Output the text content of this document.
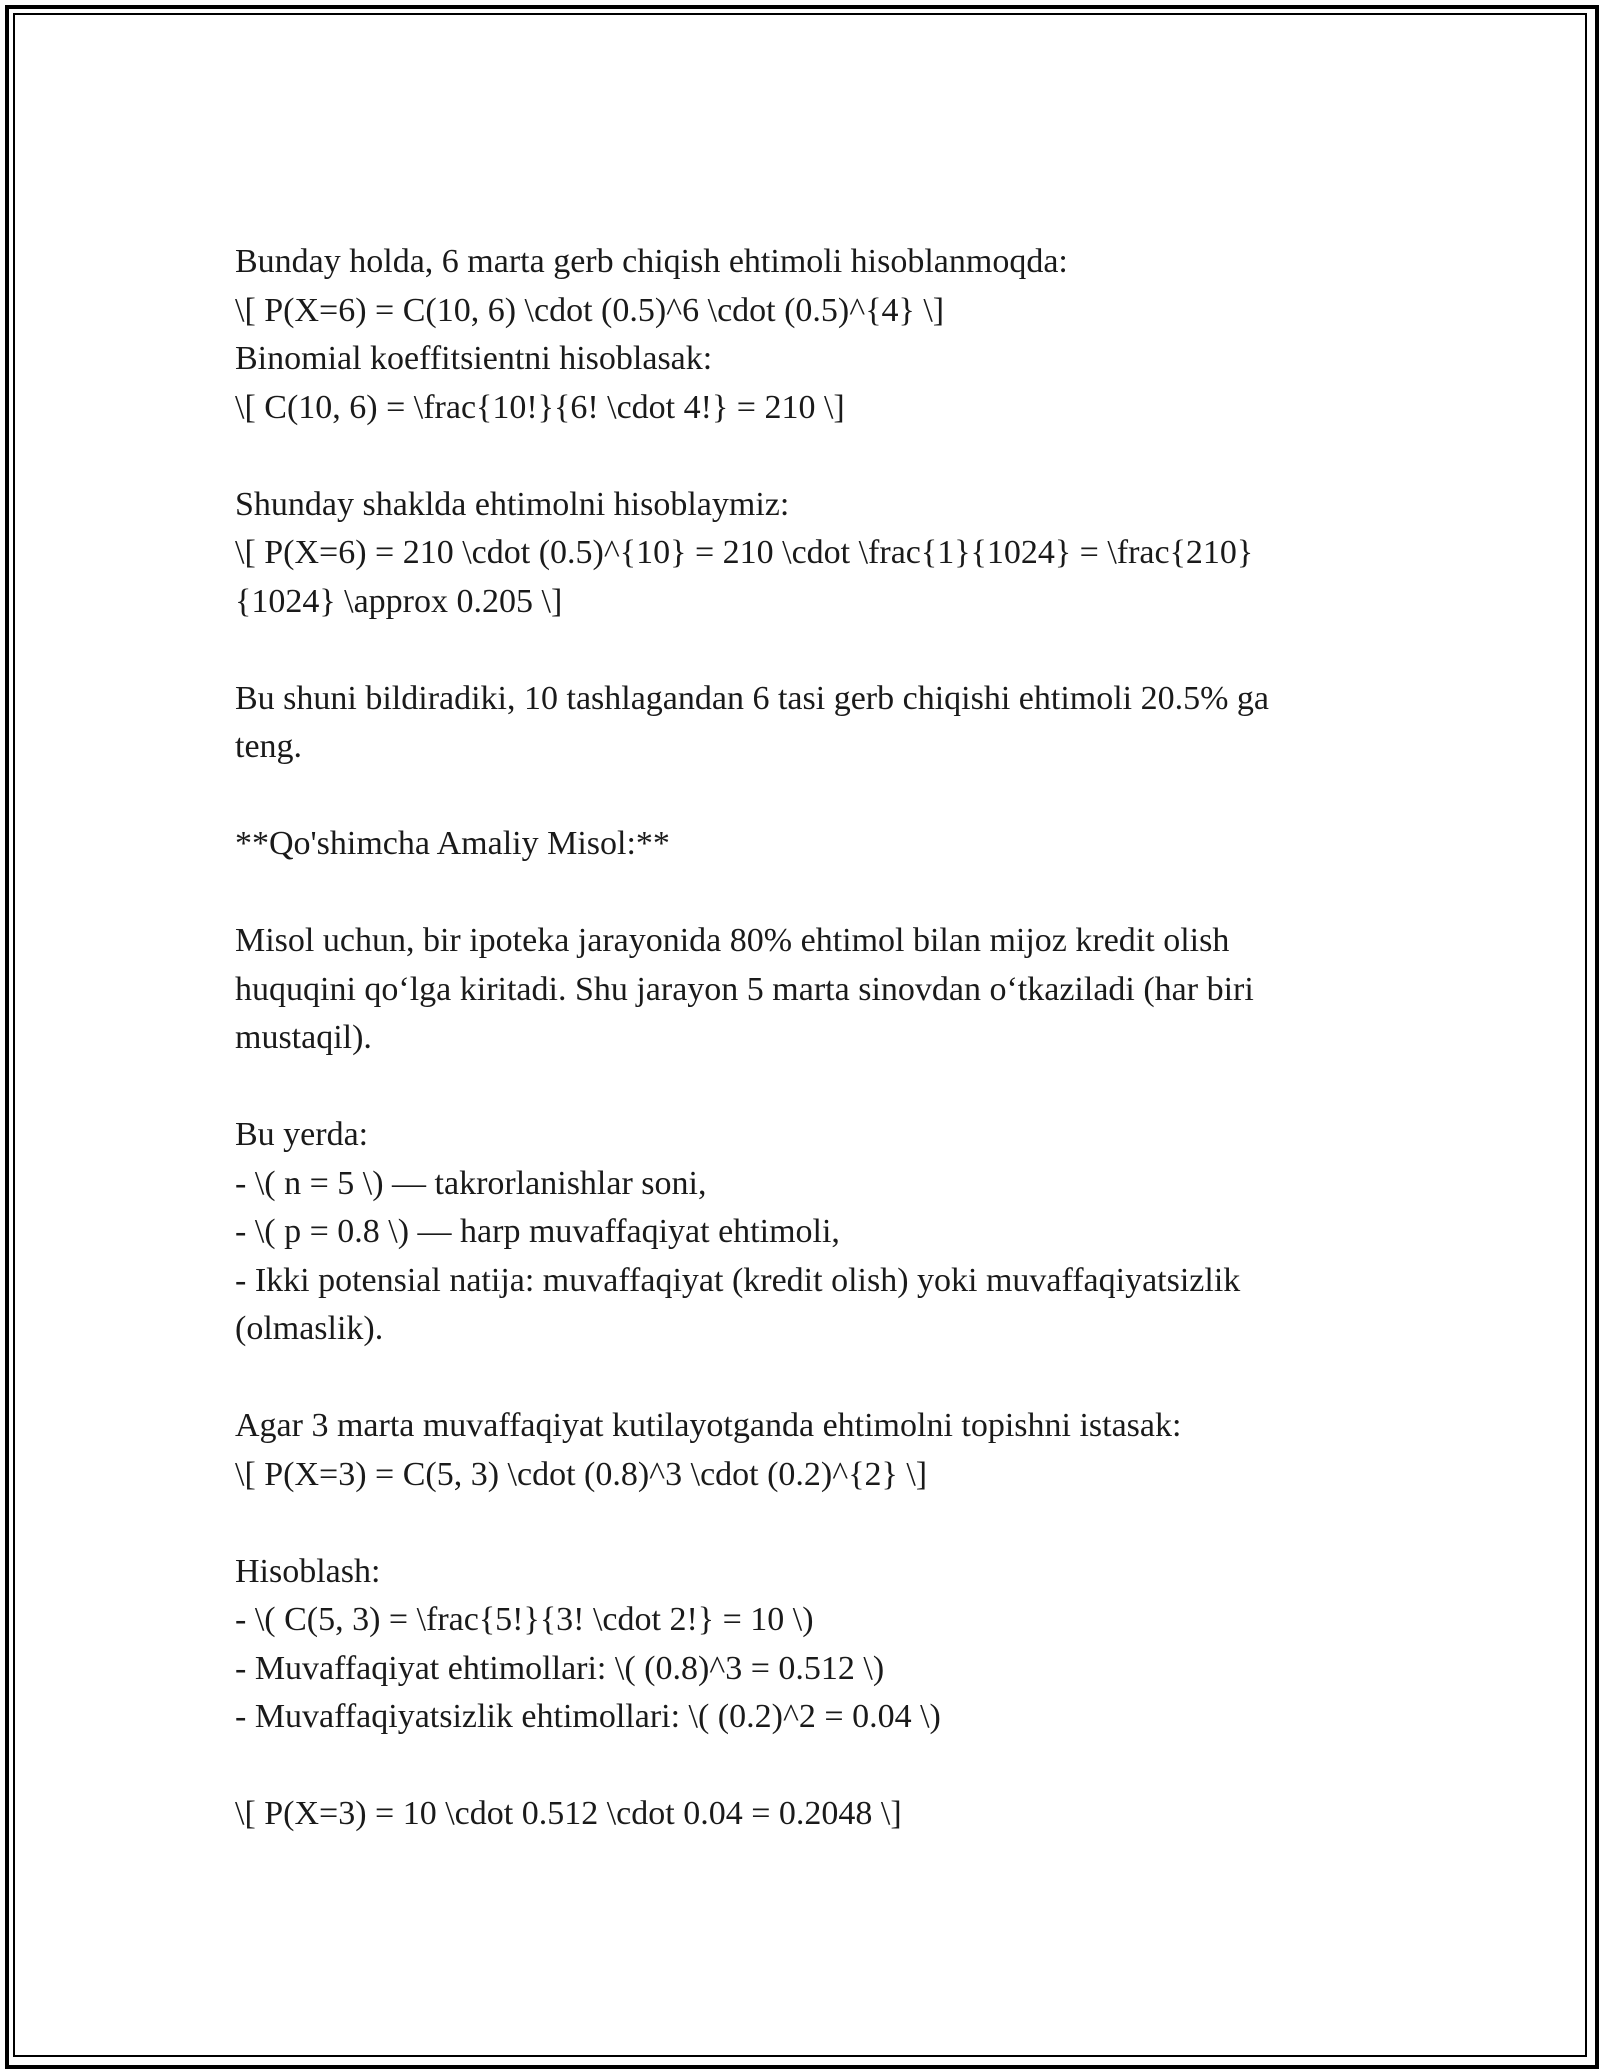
Bunday holda, 6 marta gerb chiqish ehtimoli hisoblanmoqda:
\[ P(X=6) = C(10, 6) \cdot (0.5)^6 \cdot (0.5)^{4} \]
Binomial koeffitsientni hisoblasak:
\[ C(10, 6) = \frac{10!}{6! \cdot 4!} = 210 \]
Shunday shaklda ehtimolni hisoblaymiz:
\[ P(X=6) = 210 \cdot (0.5)^{10} = 210 \cdot \frac{1}{1024} = \frac{210}
{1024} \approx 0.205 \]
Bu shuni bildiradiki, 10 tashlagandan 6 tasi gerb chiqishi ehtimoli 20.5% ga
teng.
**Qo'shimcha Amaliy Misol:**
Misol uchun, bir ipoteka jarayonida 80% ehtimol bilan mijoz kredit olish
huquqini qo‘lga kiritadi. Shu jarayon 5 marta sinovdan o‘tkaziladi (har biri
mustaqil).
Bu yerda:
- \( n = 5 \) — takrorlanishlar soni,
- \( p = 0.8 \) — harp muvaffaqiyat ehtimoli,
- Ikki potensial natija: muvaffaqiyat (kredit olish) yoki muvaffaqiyatsizlik
(olmaslik).
Agar 3 marta muvaffaqiyat kutilayotganda ehtimolni topishni istasak:
\[ P(X=3) = C(5, 3) \cdot (0.8)^3 \cdot (0.2)^{2} \]
Hisoblash:
- \( C(5, 3) = \frac{5!}{3! \cdot 2!} = 10 \)
- Muvaffaqiyat ehtimollari: \( (0.8)^3 = 0.512 \)
- Muvaffaqiyatsizlik ehtimollari: \( (0.2)^2 = 0.04 \)
\[ P(X=3) = 10 \cdot 0.512 \cdot 0.04 = 0.2048 \]
